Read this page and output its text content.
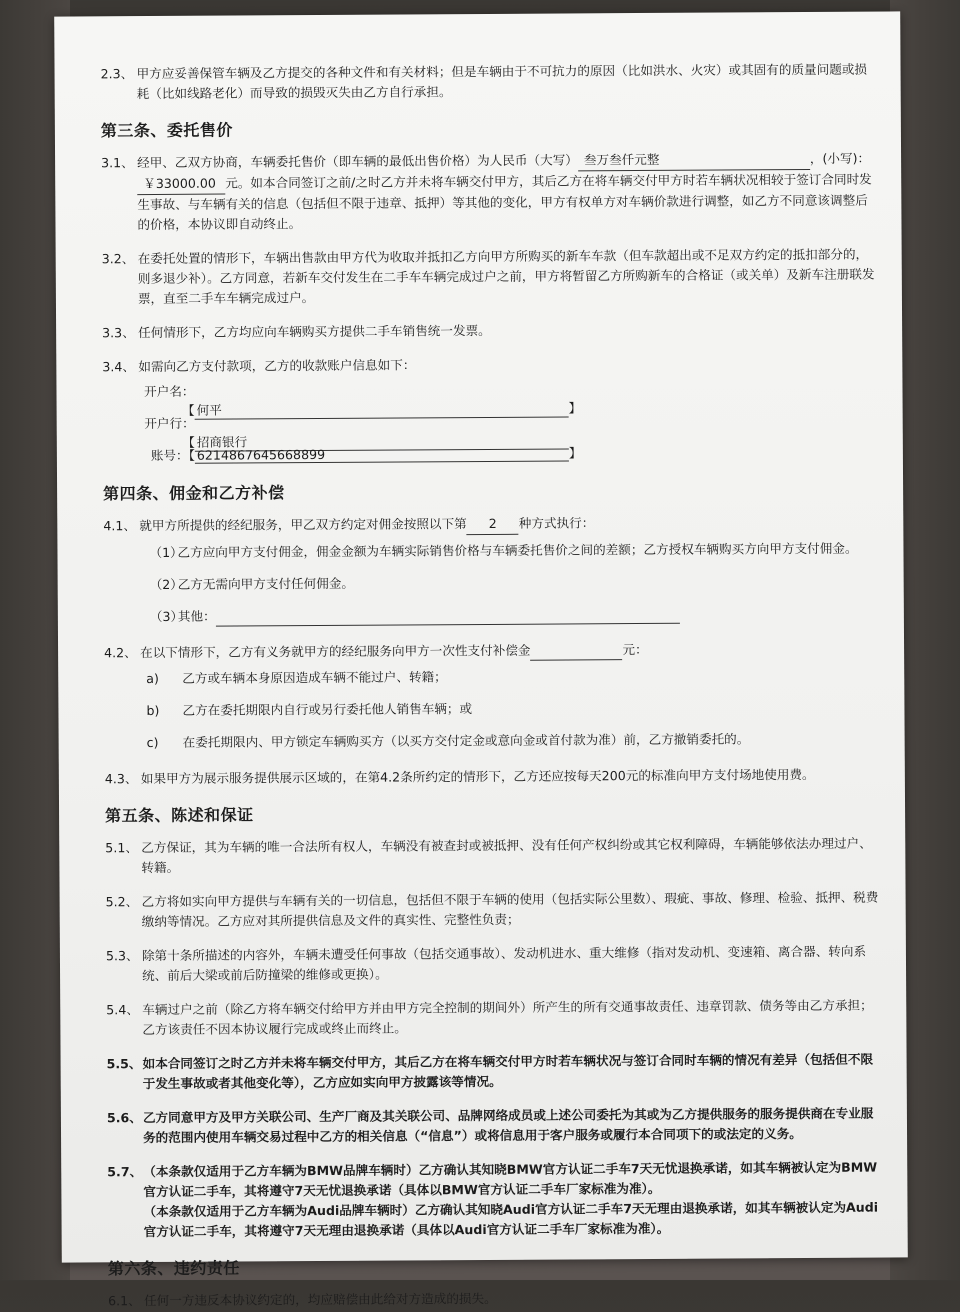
2.3、 甲方应妥善保管车辆及乙方提交的各种文件和有关材料；但是车辆由于不可抗力的原因（比如洪水、火灾）或其固有的质量问题或损耗（比如线路老化）而导致的损毁灭失由乙方自行承担。
第三条、委托售价
3.1、 经甲、乙双方协商，车辆委托售价（即车辆的最低出售价格）为人民币（大写） 叁万叁仟元整	，(小写)：￥33000.00 元。如本合同签订之前/之时乙方并未将车辆交付甲方，其后乙方在将车辆交付甲方时若车辆状况相较于签订合同时发生事故、与车辆有关的信息（包括但不限于违章、抵押）等其他的变化，甲方有权单方对车辆价款进行调整，如乙方不同意该调整后的价格，本协议即自动终止。
3.2、 在委托处置的情形下，车辆出售款由甲方代为收取并抵扣乙方向甲方所购买的新车车款（但车款超出或不足双方约定的抵扣部分的，则多退少补）。乙方同意，若新车交付发生在二手车车辆完成过户之前，甲方将暂留乙方所购新车的合格证（或关单）及新车注册联发票，直至二手车车辆完成过户。
3.3、 任何情形下，乙方均应向车辆购买方提供二手车销售统一发票。
3.4、 如需向乙方支付款项，乙方的收款账户信息如下：
开户名：【 何平	】
开户行：【 招商银行
账号：【 6214867645668899	】
第四条、佣金和乙方补偿
4.1、 就甲方所提供的经纪服务，甲乙双方约定对佣金按照以下第 2 种方式执行：
（1）
乙方应向甲方支付佣金，佣金金额为车辆实际销售价格与车辆委托售价之间的差额；乙方授权车辆购买方向甲方支付佣金。
（2）
乙方无需向甲方支付任何佣金。
（3）
其他：
4.2、 在以下情形下，乙方有义务就甲方的经纪服务向甲方一次性支付补偿金	元：
a) 乙方或车辆本身原因造成车辆不能过户、转籍；
b) 乙方在委托期限内自行或另行委托他人销售车辆；或
c) 在委托期限内、甲方锁定车辆购买方（以买方交付定金或意向金或首付款为准）前，乙方撤销委托的。
4.3、 如果甲方为展示服务提供展示区域的，在第4.2条所约定的情形下，乙方还应按每天200元的标准向甲方支付场地使用费。
第五条、陈述和保证
5.1、 乙方保证，其为车辆的唯一合法所有权人，车辆没有被查封或被抵押、没有任何产权纠纷或其它权利障碍，车辆能够依法办理过户、转籍。
5.2、 乙方将如实向甲方提供与车辆有关的一切信息，包括但不限于车辆的使用（包括实际公里数）、瑕疵、事故、修理、检验、抵押、税费缴纳等情况。乙方应对其所提供信息及文件的真实性、完整性负责；
5.3、 除第十条所描述的内容外，车辆未遭受任何事故（包括交通事故）、发动机进水、重大维修（指对发动机、变速箱、离合器、转向系统、前后大梁或前后防撞梁的维修或更换）。
5.4、 车辆过户之前（除乙方将车辆交付给甲方并由甲方完全控制的期间外）所产生的所有交通事故责任、违章罚款、债务等由乙方承担；乙方该责任不因本协议履行完成或终止而终止。
5.5、 如本合同签订之时乙方并未将车辆交付甲方，其后乙方在将车辆交付甲方时若车辆状况与签订合同时车辆的情况有差异（包括但不限于发生事故或者其他变化等），乙方应如实向甲方披露该等情况。
5.6、 乙方同意甲方及甲方关联公司、生产厂商及其关联公司、品牌网络成员或上述公司委托为其或为乙方提供服务的服务提供商在专业服务的范围内使用车辆交易过程中乙方的相关信息（“信息”）或将信息用于客户服务或履行本合同项下的或法定的义务。
5.7、 （本条款仅适用于乙方车辆为BMW品牌车辆时）乙方确认其知晓BMW官方认证二手车7天无忧退换承诺，如其车辆被认定为BMW官方认证二手车，其将遵守7天无忧退换承诺（具体以BMW官方认证二手车厂家标准为准）。
（本条款仅适用于乙方车辆为Audi品牌车辆时）乙方确认其知晓Audi官方认证二手车7天无理由退换承诺，如其车辆被认定为Audi官方认证二手车，其将遵守7天无理由退换承诺（具体以Audi官方认证二手车厂家标准为准）。
第六条、违约责任
6.1、 任何一方违反本协议约定的，均应赔偿由此给对方造成的损失。
